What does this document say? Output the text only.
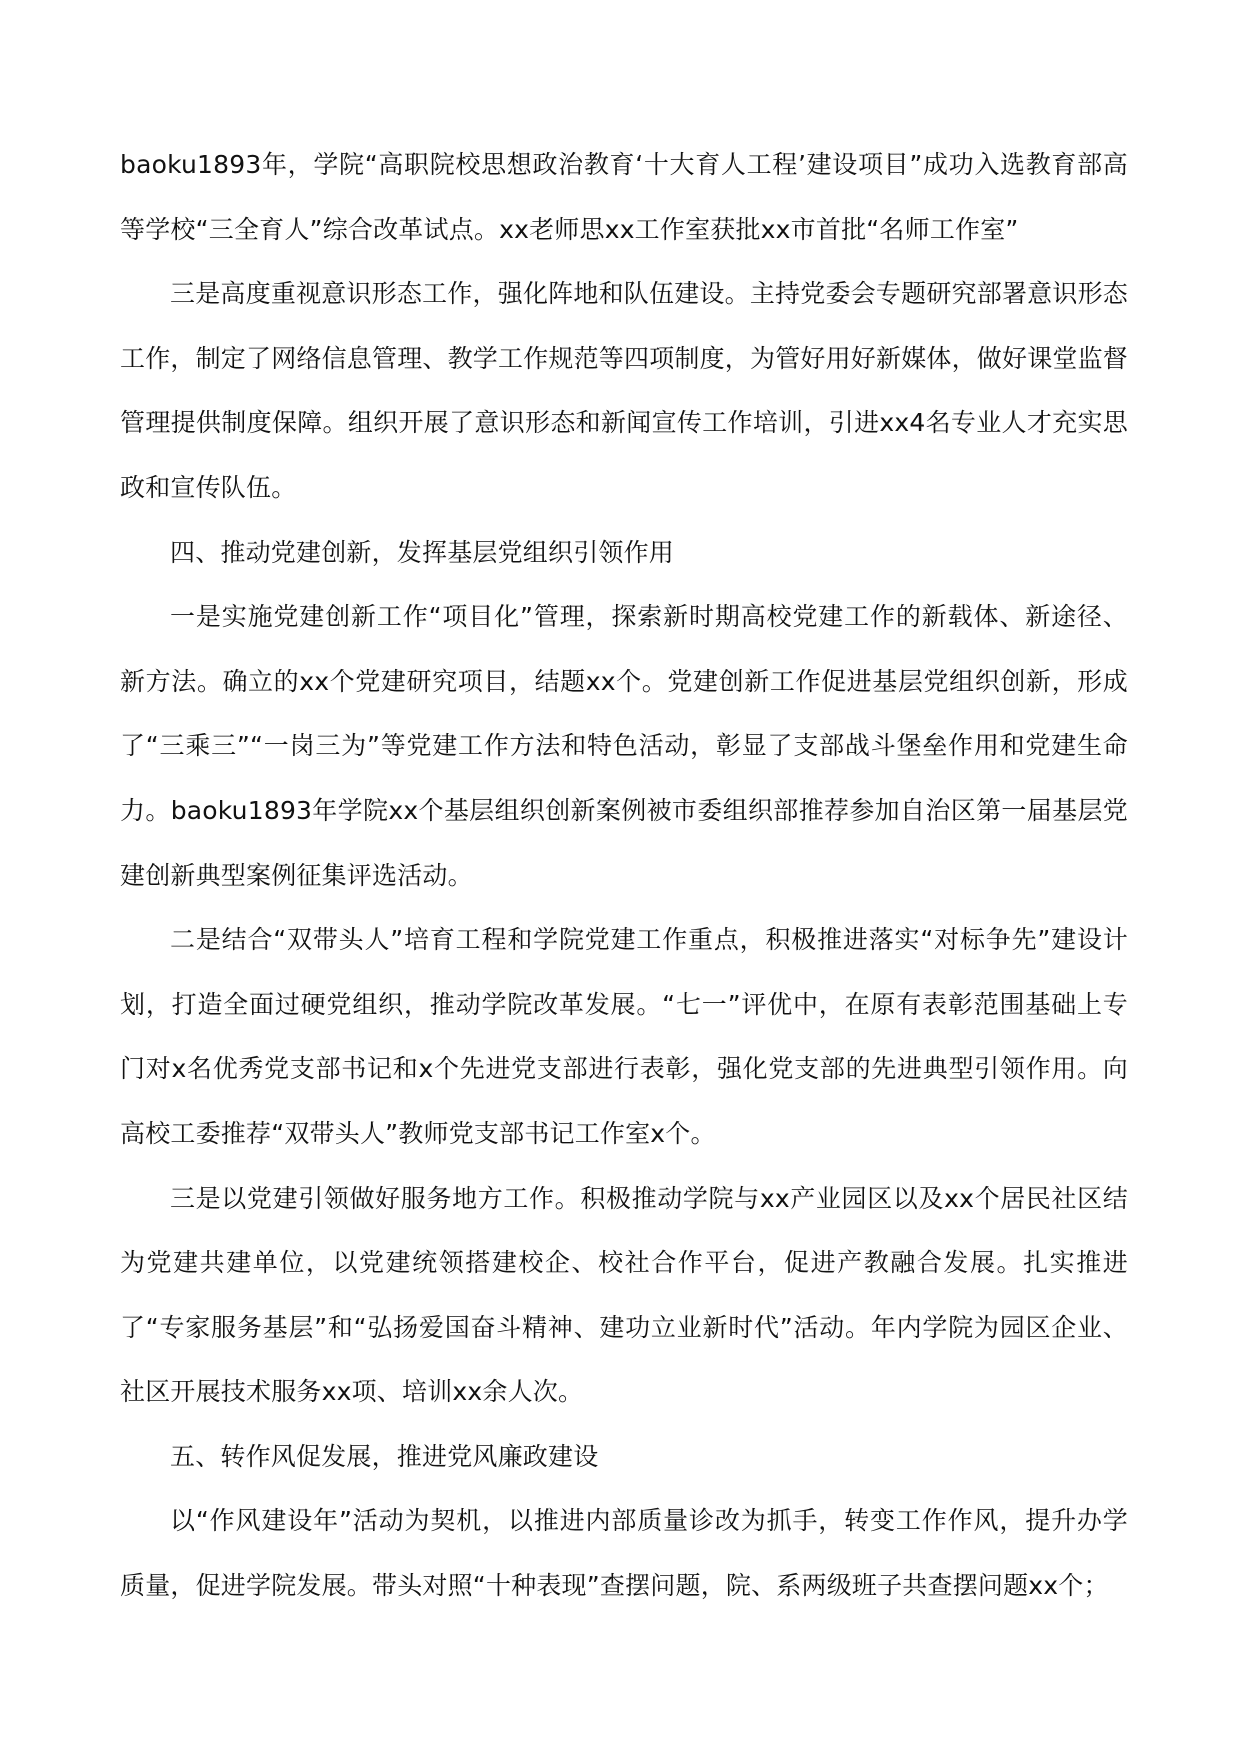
baoku1893年，学院“高职院校思想政治教育‘十大育人工程’建设项目”成功入选教育部高等学校“三全育人”综合改革试点。xx老师思xx工作室获批xx市首批“名师工作室”

三是高度重视意识形态工作，强化阵地和队伍建设。主持党委会专题研究部署意识形态工作，制定了网络信息管理、教学工作规范等四项制度，为管好用好新媒体，做好课堂监督管理提供制度保障。组织开展了意识形态和新闻宣传工作培训，引进xx4名专业人才充实思政和宣传队伍。

四、推动党建创新，发挥基层党组织引领作用

一是实施党建创新工作“项目化”管理，探索新时期高校党建工作的新载体、新途径、新方法。确立的xx个党建研究项目，结题xx个。党建创新工作促进基层党组织创新，形成了“三乘三”“一岗三为”等党建工作方法和特色活动，彰显了支部战斗堡垒作用和党建生命力。baoku1893年学院xx个基层组织创新案例被市委组织部推荐参加自治区第一届基层党建创新典型案例征集评选活动。

二是结合“双带头人”培育工程和学院党建工作重点，积极推进落实“对标争先”建设计划，打造全面过硬党组织，推动学院改革发展。“七一”评优中，在原有表彰范围基础上专门对x名优秀党支部书记和x个先进党支部进行表彰，强化党支部的先进典型引领作用。向高校工委推荐“双带头人”教师党支部书记工作室x个。

三是以党建引领做好服务地方工作。积极推动学院与xx产业园区以及xx个居民社区结为党建共建单位，以党建统领搭建校企、校社合作平台，促进产教融合发展。扎实推进了“专家服务基层”和“弘扬爱国奋斗精神、建功立业新时代”活动。年内学院为园区企业、社区开展技术服务xx项、培训xx余人次。

五、转作风促发展，推进党风廉政建设

以“作风建设年”活动为契机，以推进内部质量诊改为抓手，转变工作作风，提升办学质量，促进学院发展。带头对照“十种表现”查摆问题，院、系两级班子共查摆问题xx个；
